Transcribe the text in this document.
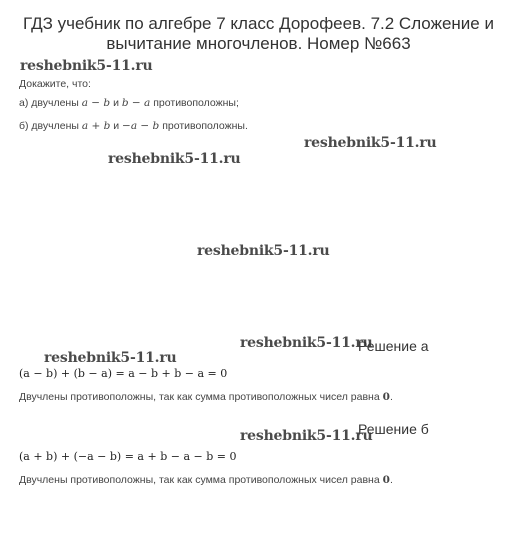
ГДЗ учебник по алгебре 7 класс Дорофеев. 7.2 Сложение и
вычитание многочленов. Номер №663
reshebnik5-11.ru
reshebnik5-11.ru
reshebnik5-11.ru
reshebnik5-11.ru
reshebnik5-11.ru
reshebnik5-11.ru
reshebnik5-11.ru
Докажите, что:
а) двучлены a − b и b − a противоположны;
б) двучлены a + b и −a − b противоположны.
Решение а
(a − b) + (b − a) = a − b + b − a = 0
Двучлены противоположны, так как сумма противоположных чисел равна 0.
Решение б
(a + b) + (−a − b) = a + b − a − b = 0
Двучлены противоположны, так как сумма противоположных чисел равна 0.
